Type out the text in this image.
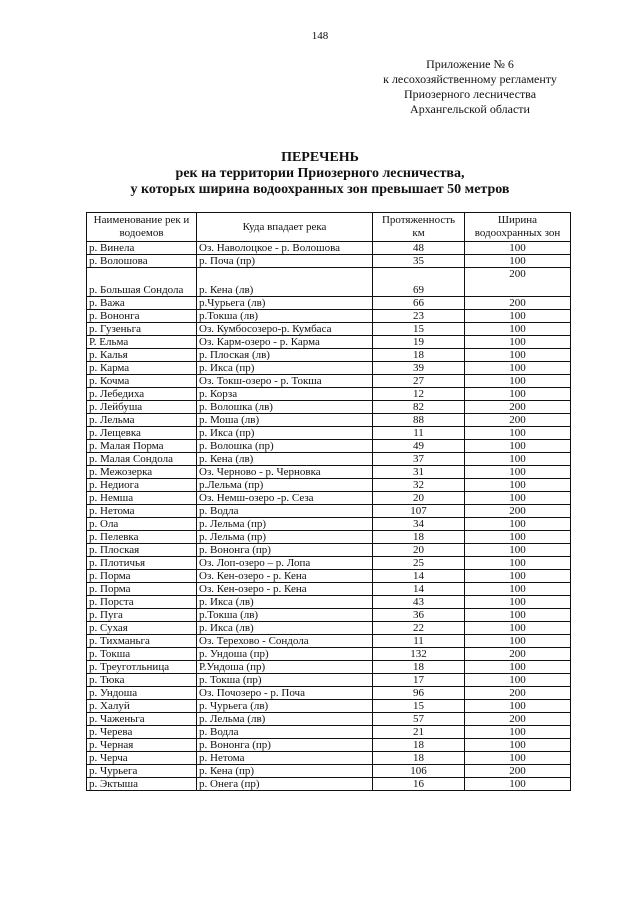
148
Приложение № 6
к лесохозяйственному регламенту
Приозерного лесничества
Архангельской области
ПЕРЕЧЕНЬ
рек на территории Приозерного лесничества,
у которых ширина водоохранных зон превышает 50 метров
Наименование рек и водоемов	Куда впадает река	Протяженность км	Ширина водоохранных зон
р. Винела	Оз. Наволоцкое - р. Волошова	48	100
р. Волошова	р. Поча (пр)	35	100
р. Большая Сондола	р. Кена (лв)	69	200
р. Важа	р.Чурьега (лв)	66	200
р. Вононга	р.Токша (лв)	23	100
р. Гузеньга	Оз. Кумбосозеро-р. Кумбаса	15	100
Р. Ельма	Оз. Карм-озеро - р. Карма	19	100
р. Калья	р. Плоская (лв)	18	100
р. Карма	р. Икса (пр)	39	100
р. Кочма	Оз. Токш-озеро - р. Токша	27	100
р. Лебедиха	р. Корза	12	100
р. Лейбуша	р. Волошка (лв)	82	200
р. Лельма	р. Моша (лв)	88	200
р. Лещевка	р. Икса (пр)	11	100
р. Малая Порма	р. Волошка (пр)	49	100
р. Малая Сондола	р. Кена (лв)	37	100
р. Межозерка	Оз. Черново - р. Черновка	31	100
р. Недиога	р.Лельма (пр)	32	100
р. Немша	Оз. Немш-озеро -р. Сеза	20	100
р. Нетома	р. Водла	107	200
р. Ола	р. Лельма (пр)	34	100
р. Пелевка	р. Лельма (пр)	18	100
р. Плоская	р. Вононга (пр)	20	100
р. Плотичья	Оз. Лоп-озеро – р. Лопа	25	100
р. Порма	Оз. Кен-озеро - р. Кена	14	100
р. Порма	Оз. Кен-озеро - р. Кена	14	100
р. Порста	р. Икса (лв)	43	100
р. Пуга	р.Токша (лв)	36	100
р. Сухая	р. Икса (лв)	22	100
р. Тихманьга	Оз. Терехово - Сондола	11	100
р. Токша	р. Ундоша (пр)	132	200
р. Треуготльница	Р.Ундоша (пр)	18	100
р. Тюка	р. Токша (пр)	17	100
р. Ундоша	Оз. Почозеро - р. Поча	96	200
р. Халуй	р. Чурьега (лв)	15	100
р. Чаженьга	р. Лельма (лв)	57	200
р. Черева	р. Водла	21	100
р. Черная	р. Вононга (пр)	18	100
р. Черча	р. Нетома	18	100
р. Чурьега	р. Кена (пр)	106	200
р. Эктыша	р. Онега (пр)	16	100
